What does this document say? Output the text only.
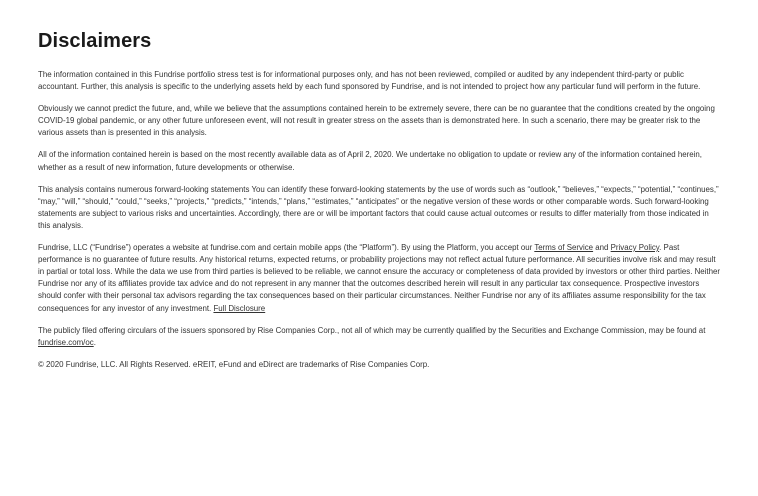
Disclaimers

The information contained in this Fundrise portfolio stress test is for informational purposes only, and has not been reviewed, compiled or audited by any independent third-party or public accountant. Further, this analysis is specific to the underlying assets held by each fund sponsored by Fundrise, and is not intended to project how any particular fund will perform in the future.

Obviously we cannot predict the future, and, while we believe that the assumptions contained herein to be extremely severe, there can be no guarantee that the conditions created by the ongoing COVID-19 global pandemic, or any other future unforeseen event, will not result in greater stress on the assets than is demonstrated here. In such a scenario, there may be greater risk to the various assets than is presented in this analysis.

All of the information contained herein is based on the most recently available data as of April 2, 2020. We undertake no obligation to update or review any of the information contained herein, whether as a result of new information, future developments or otherwise.

This analysis contains numerous forward-looking statements You can identify these forward-looking statements by the use of words such as “outlook,” “believes,” “expects,” “potential,” “continues,” “may,” “will,” “should,” “could,” “seeks,” “projects,” “predicts,” “intends,” “plans,” “estimates,” “anticipates” or the negative version of these words or other comparable words. Such forward-looking statements are subject to various risks and uncertainties. Accordingly, there are or will be important factors that could cause actual outcomes or results to differ materially from those indicated in this analysis.

Fundrise, LLC (“Fundrise”) operates a website at fundrise.com and certain mobile apps (the “Platform”). By using the Platform, you accept our Terms of Service and Privacy Policy. Past performance is no guarantee of future results. Any historical returns, expected returns, or probability projections may not reflect actual future performance. All securities involve risk and may result in partial or total loss. While the data we use from third parties is believed to be reliable, we cannot ensure the accuracy or completeness of data provided by investors or other third parties. Neither Fundrise nor any of its affiliates provide tax advice and do not represent in any manner that the outcomes described herein will result in any particular tax consequence. Prospective investors should confer with their personal tax advisors regarding the tax consequences based on their particular circumstances. Neither Fundrise nor any of its affiliates assume responsibility for the tax consequences for any investor of any investment. Full Disclosure

The publicly filed offering circulars of the issuers sponsored by Rise Companies Corp., not all of which may be currently qualified by the Securities and Exchange Commission, may be found at fundrise.com/oc.

© 2020 Fundrise, LLC. All Rights Reserved. eREIT, eFund and eDirect are trademarks of Rise Companies Corp.
